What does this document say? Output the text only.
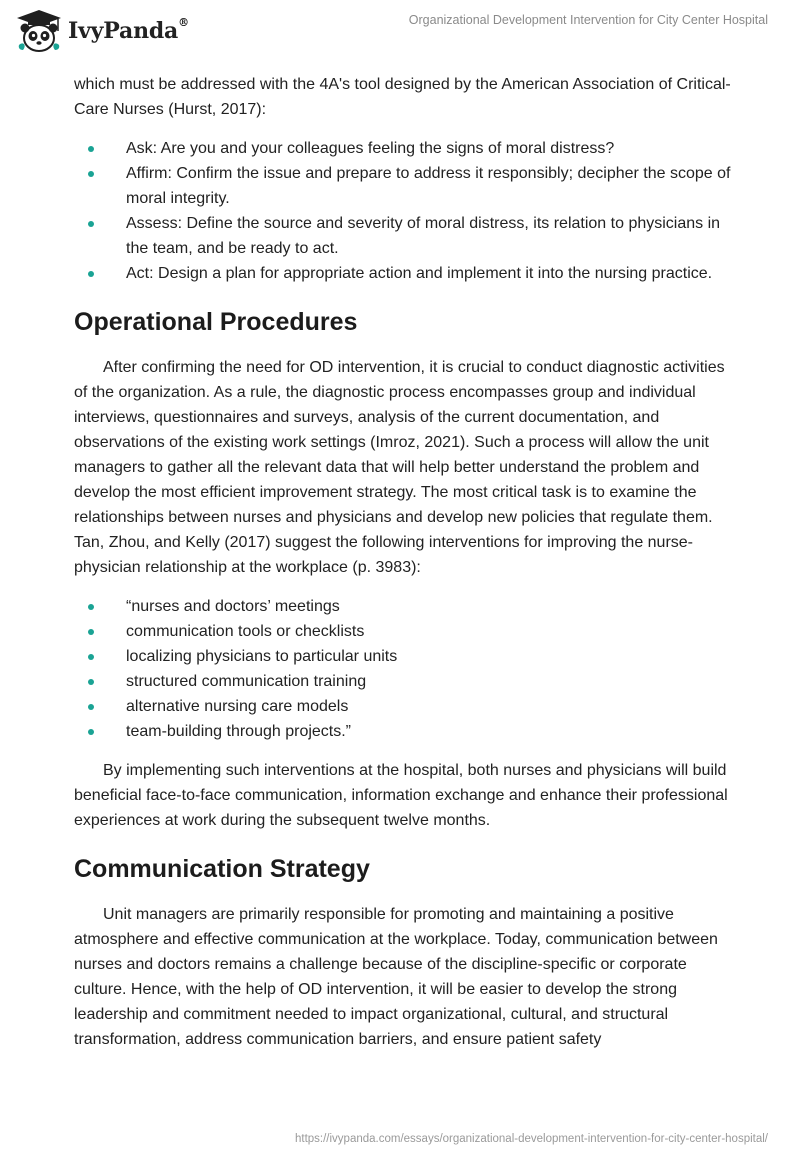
IvyPanda®	Organizational Development Intervention for City Center Hospital

which must be addressed with the 4A's tool designed by the American Association of Critical-Care Nurses (Hurst, 2017):

Ask: Are you and your colleagues feeling the signs of moral distress?
Affirm: Confirm the issue and prepare to address it responsibly; decipher the scope of moral integrity.
Assess: Define the source and severity of moral distress, its relation to physicians in the team, and be ready to act.
Act: Design a plan for appropriate action and implement it into the nursing practice.
Operational Procedures

After confirming the need for OD intervention, it is crucial to conduct diagnostic activities of the organization. As a rule, the diagnostic process encompasses group and individual interviews, questionnaires and surveys, analysis of the current documentation, and observations of the existing work settings (Imroz, 2021). Such a process will allow the unit managers to gather all the relevant data that will help better understand the problem and develop the most efficient improvement strategy. The most critical task is to examine the relationships between nurses and physicians and develop new policies that regulate them. Tan, Zhou, and Kelly (2017) suggest the following interventions for improving the nurse-physician relationship at the workplace (p. 3983):

“nurses and doctors’ meetings
communication tools or checklists
localizing physicians to particular units
structured communication training
alternative nursing care models
team-building through projects.”

By implementing such interventions at the hospital, both nurses and physicians will build beneficial face-to-face communication, information exchange and enhance their professional experiences at work during the subsequent twelve months.

Communication Strategy

Unit managers are primarily responsible for promoting and maintaining a positive atmosphere and effective communication at the workplace. Today, communication between nurses and doctors remains a challenge because of the discipline-specific or corporate culture. Hence, with the help of OD intervention, it will be easier to develop the strong leadership and commitment needed to impact organizational, cultural, and structural transformation, address communication barriers, and ensure patient safety

https://ivypanda.com/essays/organizational-development-intervention-for-city-center-hospital/
